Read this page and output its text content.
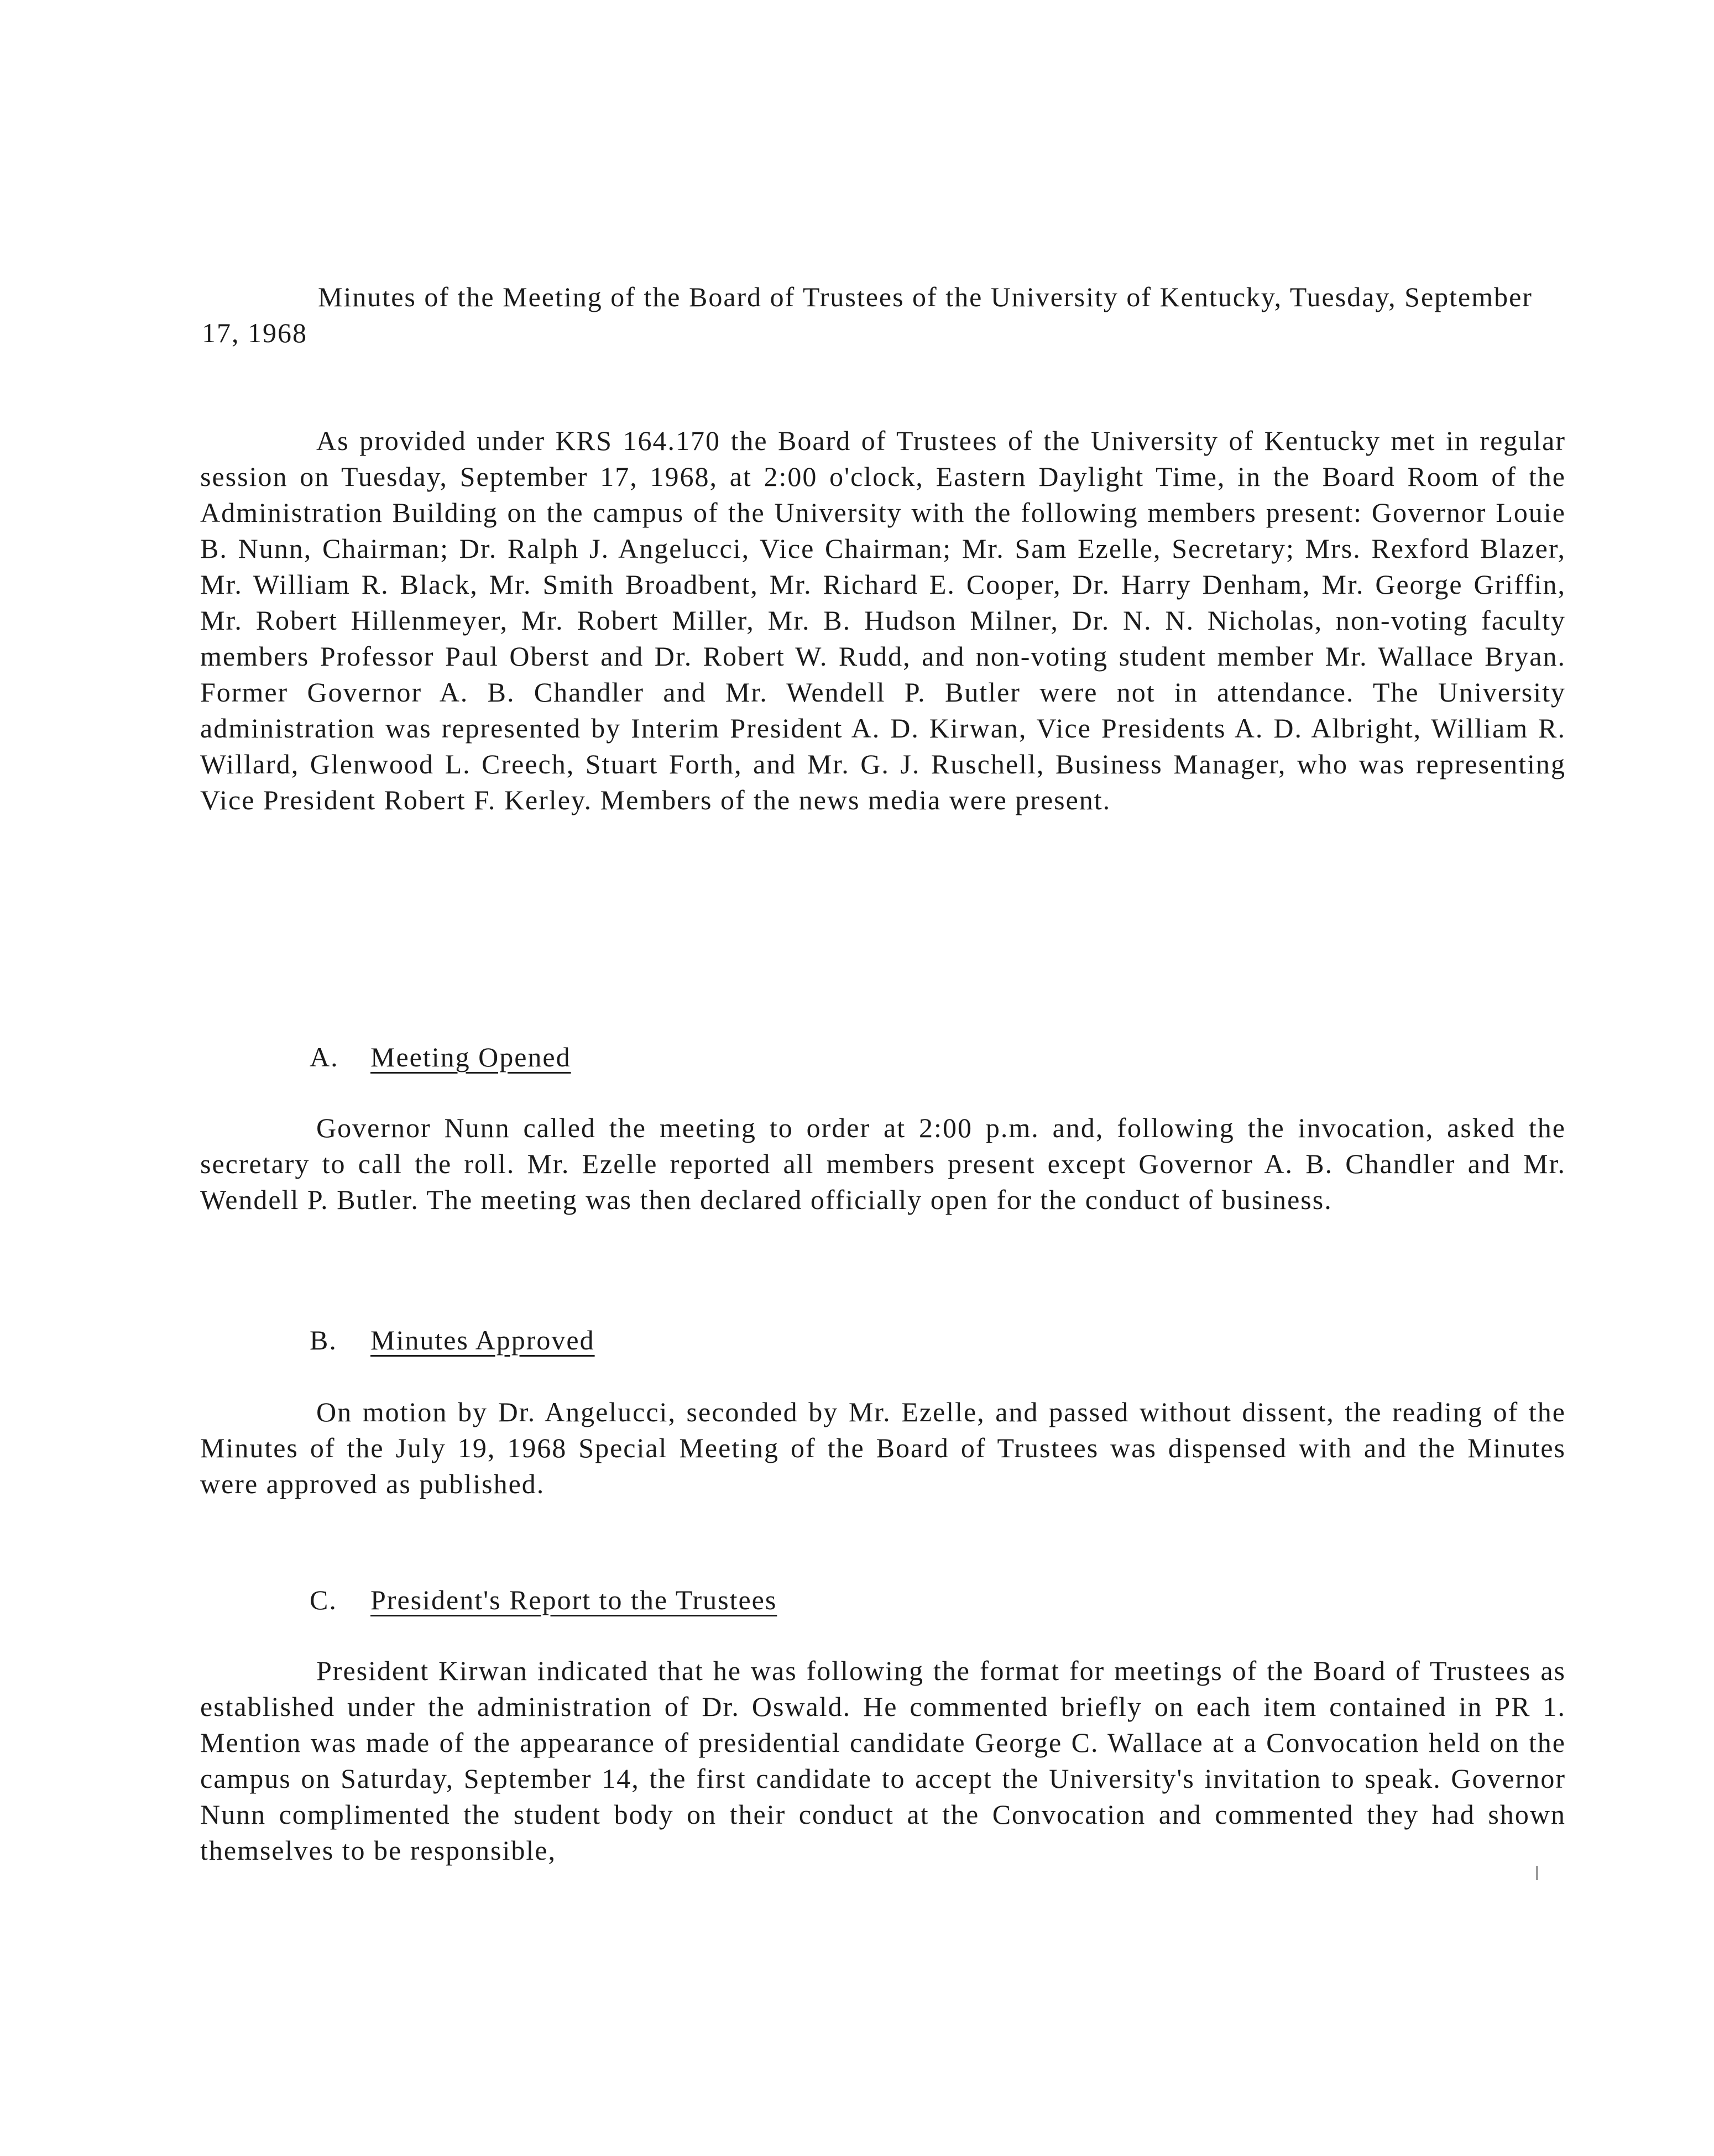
Minutes of the Meeting of the Board of Trustees of the University of Kentucky, Tuesday, September 17, 1968

As provided under KRS 164.170 the Board of Trustees of the University of Kentucky met in regular session on Tuesday, September 17, 1968, at 2:00 o'clock, Eastern Daylight Time, in the Board Room of the Administration Building on the campus of the University with the following members present: Governor Louie B. Nunn, Chairman; Dr. Ralph J. Angelucci, Vice Chairman; Mr. Sam Ezelle, Secretary; Mrs. Rexford Blazer, Mr. William R. Black, Mr. Smith Broadbent, Mr. Richard E. Cooper, Dr. Harry Denham, Mr. George Griffin, Mr. Robert Hillenmeyer, Mr. Robert Miller, Mr. B. Hudson Milner, Dr. N. N. Nicholas, non-voting faculty members Professor Paul Oberst and Dr. Robert W. Rudd, and non-voting student member Mr. Wallace Bryan. Former Governor A. B. Chandler and Mr. Wendell P. Butler were not in attendance. The University administration was represented by Interim President A. D. Kirwan, Vice Presidents A. D. Albright, William R. Willard, Glenwood L. Creech, Stuart Forth, and Mr. G. J. Ruschell, Business Manager, who was representing Vice President Robert F. Kerley. Members of the news media were present.

A. Meeting Opened

Governor Nunn called the meeting to order at 2:00 p.m. and, following the invocation, asked the secretary to call the roll. Mr. Ezelle reported all members present except Governor A. B. Chandler and Mr. Wendell P. Butler. The meeting was then declared officially open for the conduct of business.

B. Minutes Approved

On motion by Dr. Angelucci, seconded by Mr. Ezelle, and passed without dissent, the reading of the Minutes of the July 19, 1968 Special Meeting of the Board of Trustees was dispensed with and the Minutes were approved as published.

C. President's Report to the Trustees

President Kirwan indicated that he was following the format for meetings of the Board of Trustees as established under the administration of Dr. Oswald. He commented briefly on each item contained in PR 1. Mention was made of the appearance of presidential candidate George C. Wallace at a Convocation held on the campus on Saturday, September 14, the first candidate to accept the University's invitation to speak. Governor Nunn complimented the student body on their conduct at the Convocation and commented they had shown themselves to be responsible,
